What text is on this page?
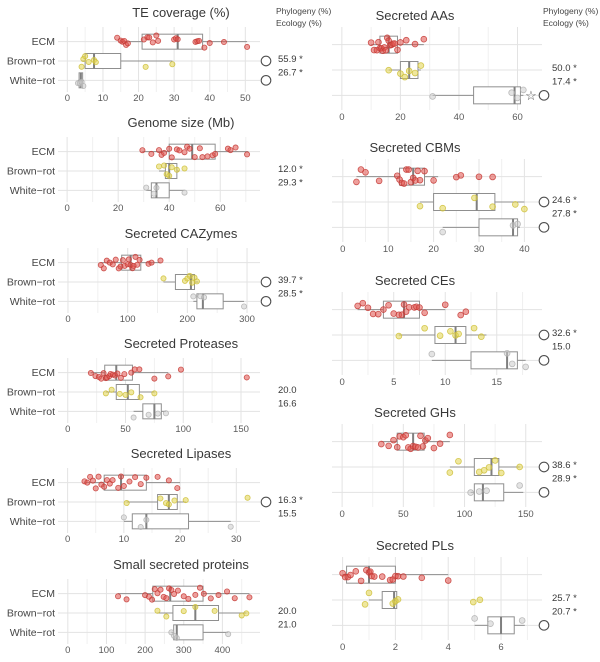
TE coverage (%)
ECM
Brown−rot
White−rot
0	10	20	30	40	50
55.9 *
26.7 *
Genome size (Mb)
ECM
Brown−rot
White−rot
0	20	40	60
12.0 *
29.3 *
Secreted CAZymes
ECM
Brown−rot
White−rot
0	100	200	300
39.7 *
28.5 *
Secreted Proteases
ECM
Brown−rot
White−rot
0	50	100	150
20.0
16.6
Secreted Lipases
ECM
Brown−rot
White−rot
0	10	20	30
16.3 *
15.5
Small secreted proteins
ECM
Brown−rot
White−rot
0	100 200 300 400
20.0
21.0
Secreted AAs
0	20	40	60
☆
50.0 *
17.4 *
Secreted CBMs
0	10	20	30	40
24.6 *
27.8 *
Secreted CEs
0	5	10	15
32.6 *
15.0
Secreted GHs
0	50	100	150
38.6 *
28.9 *
Secreted PLs
0	2	4	6
25.7 *
20.7 *
Phylogeny (%)
Ecology (%)
Phylogeny (%)
Ecology (%)
